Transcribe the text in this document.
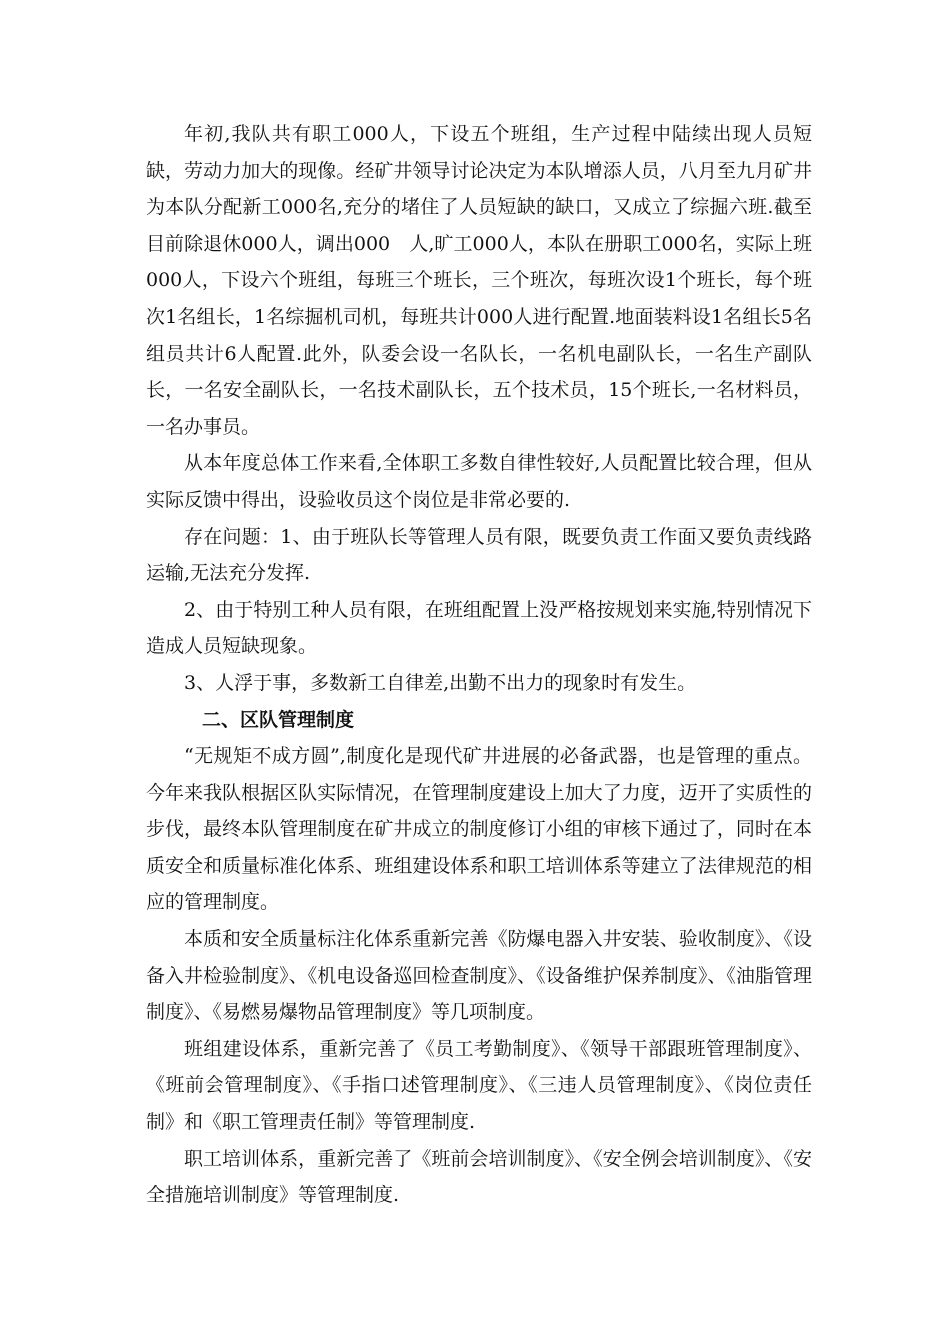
年初,我队共有职工000人，下设五个班组，生产过程中陆续出现人员短缺，劳动力加大的现像。经矿井领导讨论决定为本队增添人员，八月至九月矿井为本队分配新工000名,充分的堵住了人员短缺的缺口，又成立了综掘六班.截至目前除退休000人，调出000　人,旷工000人，本队在册职工000名，实际上班000人，下设六个班组，每班三个班长，三个班次，每班次设1个班长，每个班次1名组长，1名综掘机司机，每班共计000人进行配置.地面装料设1名组长5名组员共计6人配置.此外，队委会设一名队长，一名机电副队长，一名生产副队长，一名安全副队长，一名技术副队长，五个技术员，15个班长,一名材料员，一名办事员。

从本年度总体工作来看,全体职工多数自律性较好,人员配置比较合理，但从实际反馈中得出，设验收员这个岗位是非常必要的.

存在问题：1、由于班队长等管理人员有限，既要负责工作面又要负责线路运输,无法充分发挥.

2、由于特别工种人员有限，在班组配置上没严格按规划来实施,特别情况下造成人员短缺现象。

3、人浮于事，多数新工自律差,出勤不出力的现象时有发生。

二、区队管理制度

“无规矩不成方圆”,制度化是现代矿井进展的必备武器，也是管理的重点。今年来我队根据区队实际情况，在管理制度建设上加大了力度，迈开了实质性的步伐，最终本队管理制度在矿井成立的制度修订小组的审核下通过了，同时在本质安全和质量标准化体系、班组建设体系和职工培训体系等建立了法律规范的相应的管理制度。

本质和安全质量标注化体系重新完善《防爆电器入井安装、验收制度》、《设备入井检验制度》、《机电设备巡回检查制度》、《设备维护保养制度》、《油脂管理制度》、《易燃易爆物品管理制度》等几项制度。

班组建设体系，重新完善了《员工考勤制度》、《领导干部跟班管理制度》、《班前会管理制度》、《手指口述管理制度》、《三违人员管理制度》、《岗位责任制》和《职工管理责任制》等管理制度.

职工培训体系，重新完善了《班前会培训制度》、《安全例会培训制度》、《安全措施培训制度》等管理制度.
